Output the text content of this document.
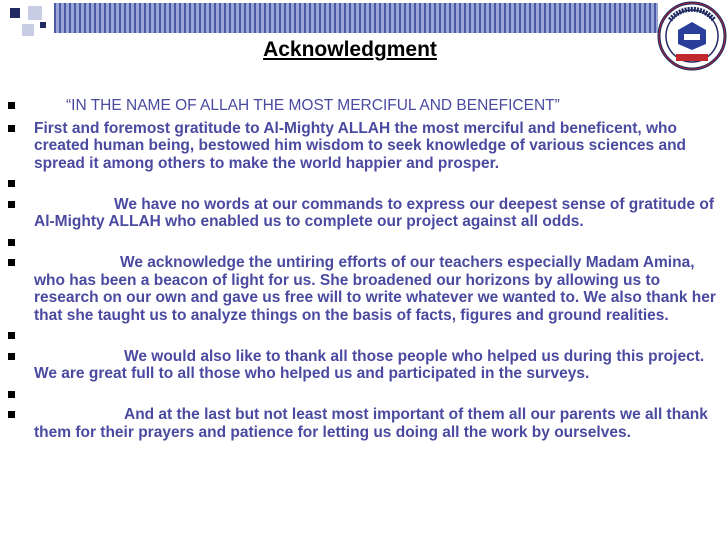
Acknowledgment
“IN THE NAME OF ALLAH THE MOST MERCIFUL AND BENEFICENT”
First and foremost gratitude to Al-Mighty ALLAH the most merciful and beneficent, who created human being, bestowed him wisdom to seek knowledge of various sciences and spread it among others to make the world happier and prosper.
We have no words at our commands to express our deepest sense of gratitude of Al-Mighty ALLAH who enabled us to complete our project against all odds.
We acknowledge the untiring efforts of our teachers especially Madam Amina, who has been a beacon of light for us. She broadened our horizons by allowing us to research on our own and gave us free will to write whatever we wanted to. We also thank her that she taught us to analyze things on the basis of facts, figures and ground realities.
We would also like to thank all those people who helped us during this project. We are great full to all those who helped us and participated in the surveys.
And at the last but not least most important of them all our parents we all thank them for their prayers and patience for letting us doing all the work by ourselves.
